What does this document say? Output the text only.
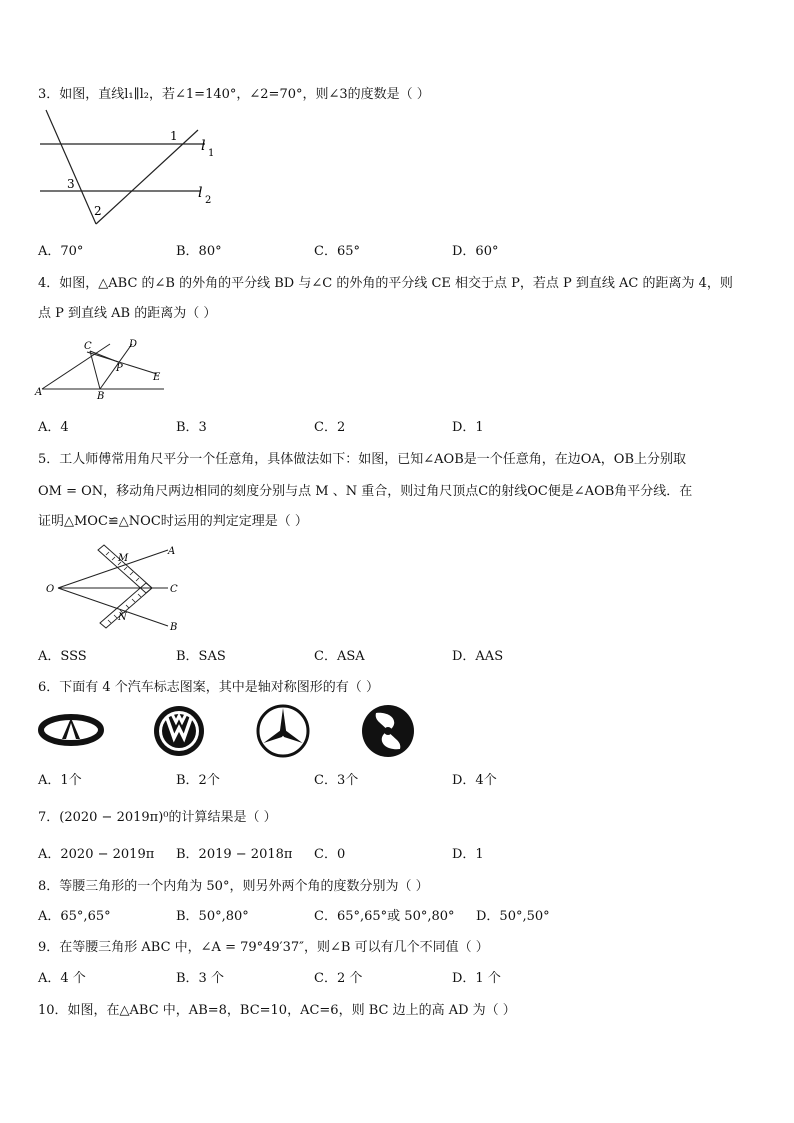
3．如图，直线l₁∥l₂，若∠1=140°，∠2=70°，则∠3的度数是（ ）
1
2
3
l 1
l 2
A．70°	B．80°	C．65°	D．60°
4．如图，△ABC 的∠B 的外角的平分线 BD 与∠C 的外角的平分线 CE 相交于点 P，若点 P 到直线 AC 的距离为 4，则
点 P 到直线 AB 的距离为（ ）
A	B
C	D
E
P
A．4	B．3	C．2	D．1
5．工人师傅常用角尺平分一个任意角，具体做法如下：如图，已知∠AOB是一个任意角，在边OA，OB上分别取
OM = ON，移动角尺两边相同的刻度分别与点 M 、N 重合，则过角尺顶点C的射线OC便是∠AOB角平分线．在
证明△MOC≌△NOC时运用的判定定理是（ ）
O
M
N
A
B
C
A．SSS	B．SAS	C．ASA	D．AAS
6．下面有 4 个汽车标志图案，其中是轴对称图形的有（ ）
A．1个	B．2个	C．3个	D．4个
7．(2020 − 2019π)⁰的计算结果是（ ）
A．2020 − 2019π B．2019 − 2018π C．0	D．1
8．等腰三角形的一个内角为 50°，则另外两个角的度数分别为（ ）
A．65°,65°	B．50°,80°	C．65°,65°或 50°,80° D．50°,50°
9．在等腰三角形 ABC 中，∠A = 79°49′37″，则∠B 可以有几个不同值（ ）
A．4 个	B．3 个	C．2 个	D．1 个
10．如图，在△ABC 中，AB=8，BC=10，AC=6，则 BC 边上的高 AD 为（ ）
